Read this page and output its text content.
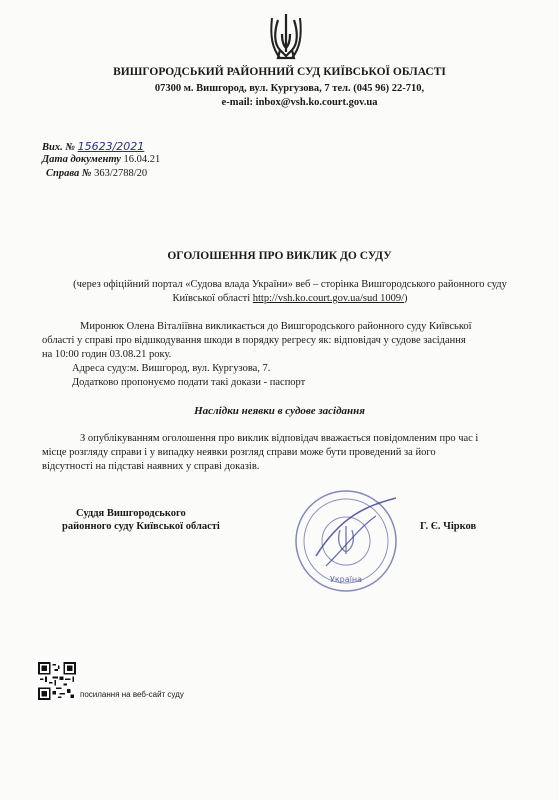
ВИШГОРОДСЬКИЙ РАЙОННИЙ СУД КИЇВСЬКОЇ ОБЛАСТІ
07300 м. Вишгород, вул. Кургузова, 7 тел. (045 96) 22-710,
e-mail: inbox@vsh.ko.court.gov.ua
Вих. № 15623/2021
Дата документу 16.04.21
Справа № 363/2788/20
ОГОЛОШЕННЯ ПРО ВИКЛИК ДО СУДУ
(через офіційний портал «Судова влада України» веб – сторінка Вишгородського районного суду
Київської області http://vsh.ko.court.gov.ua/sud 1009/)
Миронюк Олена Віталіївна викликається до Вишгородського районного суду Київської
області у справі про відшкодування шкоди в порядку регресу як: відповідач у судове засідання
на 10:00 годин 03.08.21 року.
Адреса суду:м. Вишгород, вул. Кургузова, 7.
Додатково пропонуємо подати такі докази - паспорт
Наслідки неявки в судове засідання
З опублікуванням оголошення про виклик відповідач вважається повідомленим про час і
місце розгляду справи і у випадку неявки розгляд справи може бути проведений за його
відсутності на підставі наявних у справі доказів.
Україна
Суддя Вишгородського
районного суду Київської області	Г. Є. Чірков
посилання на веб-сайт суду
